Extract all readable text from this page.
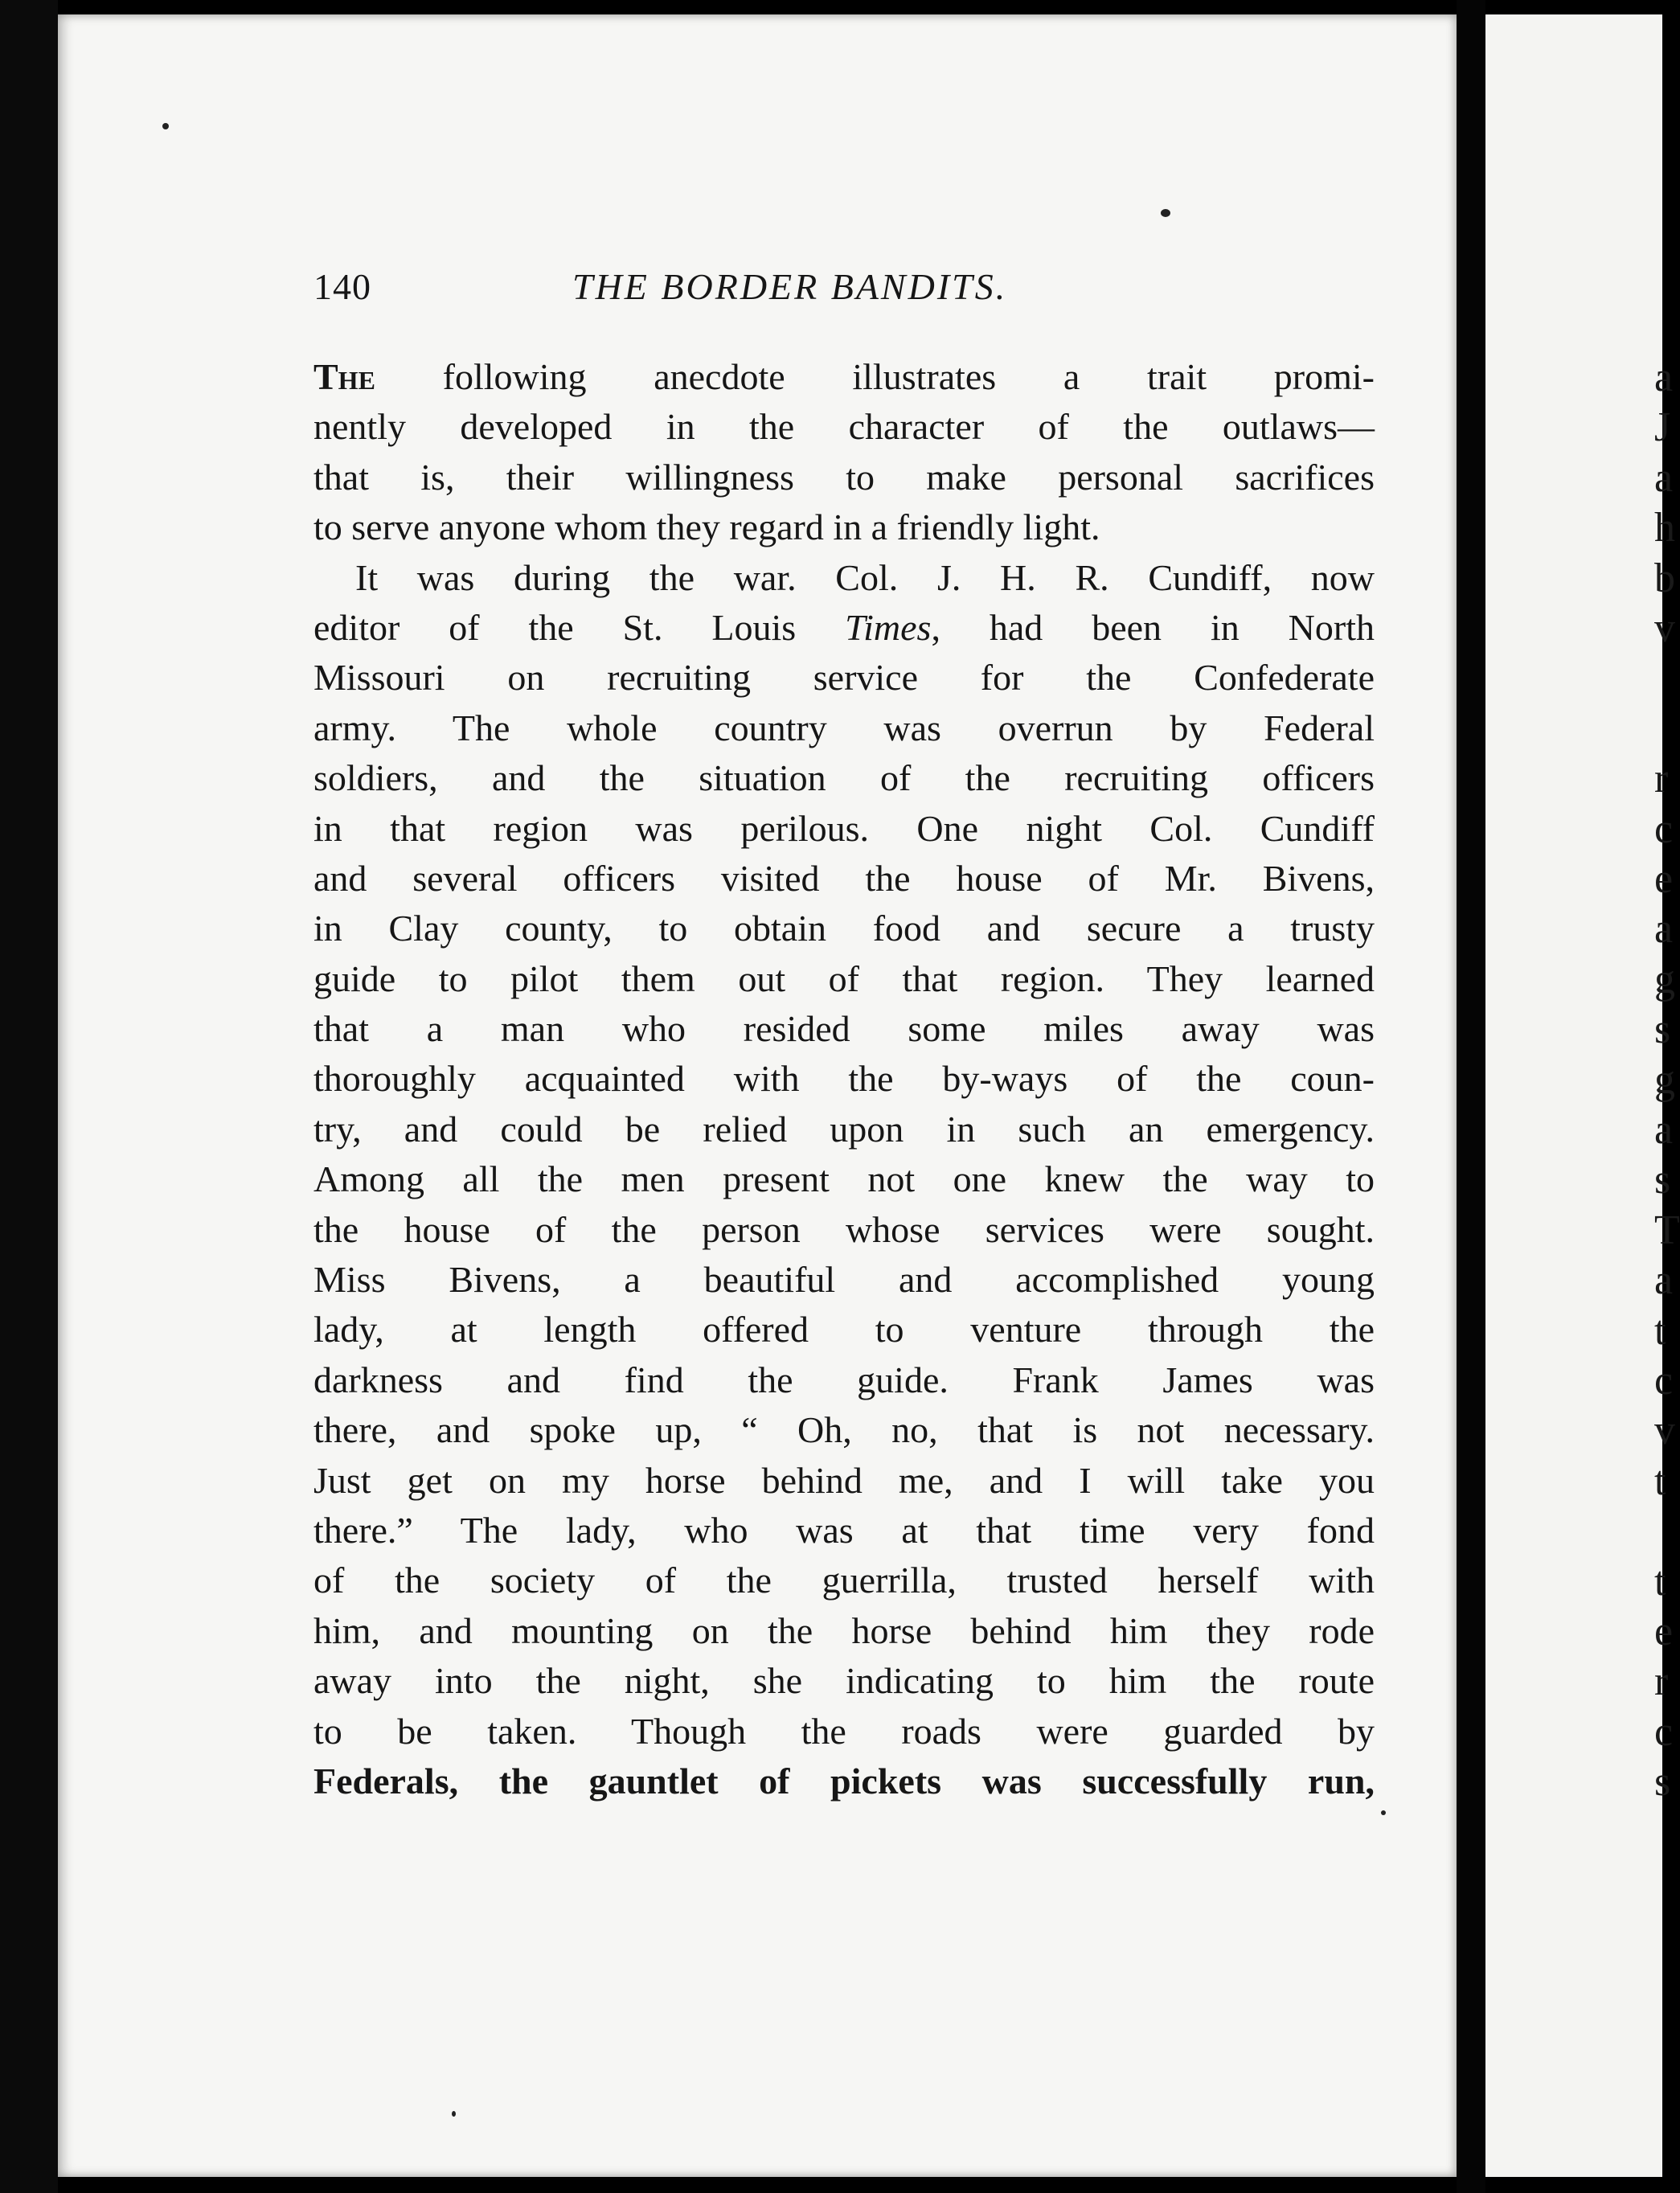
140	THE BORDER BANDITS.
The following anecdote illustrates a trait promi-
nently developed in the character of the outlaws—
that is, their willingness to make personal sacrifices
to serve anyone whom they regard in a friendly light.
It was during the war. Col. J. H. R. Cundiff, now
editor of the St. Louis Times, had been in North
Missouri on recruiting service for the Confederate
army. The whole country was overrun by Federal
soldiers, and the situation of the recruiting officers
in that region was perilous. One night Col. Cundiff
and several officers visited the house of Mr. Bivens,
in Clay county, to obtain food and secure a trusty
guide to pilot them out of that region. They learned
that a man who resided some miles away was
thoroughly acquainted with the by-ways of the coun-
try, and could be relied upon in such an emergency.
Among all the men present not one knew the way to
the house of the person whose services were sought.
Miss Bivens, a beautiful and accomplished young
lady, at length offered to venture through the
darkness and find the guide. Frank James was
there, and spoke up, “ Oh, no, that is not necessary.
Just get on my horse behind me, and I will take you
there.” The lady, who was at that time very fond
of the society of the guerrilla, trusted herself with
him, and mounting on the horse behind him they rode
away into the night, she indicating to him the route
to be taken. Though the roads were guarded by
Federals, the gauntlet of pickets was successfully run,
a
J
a
h
b
v
r
c
e
a
g
s
g
a
s
T
a
t
c
v
t
t
e
r
c
s
